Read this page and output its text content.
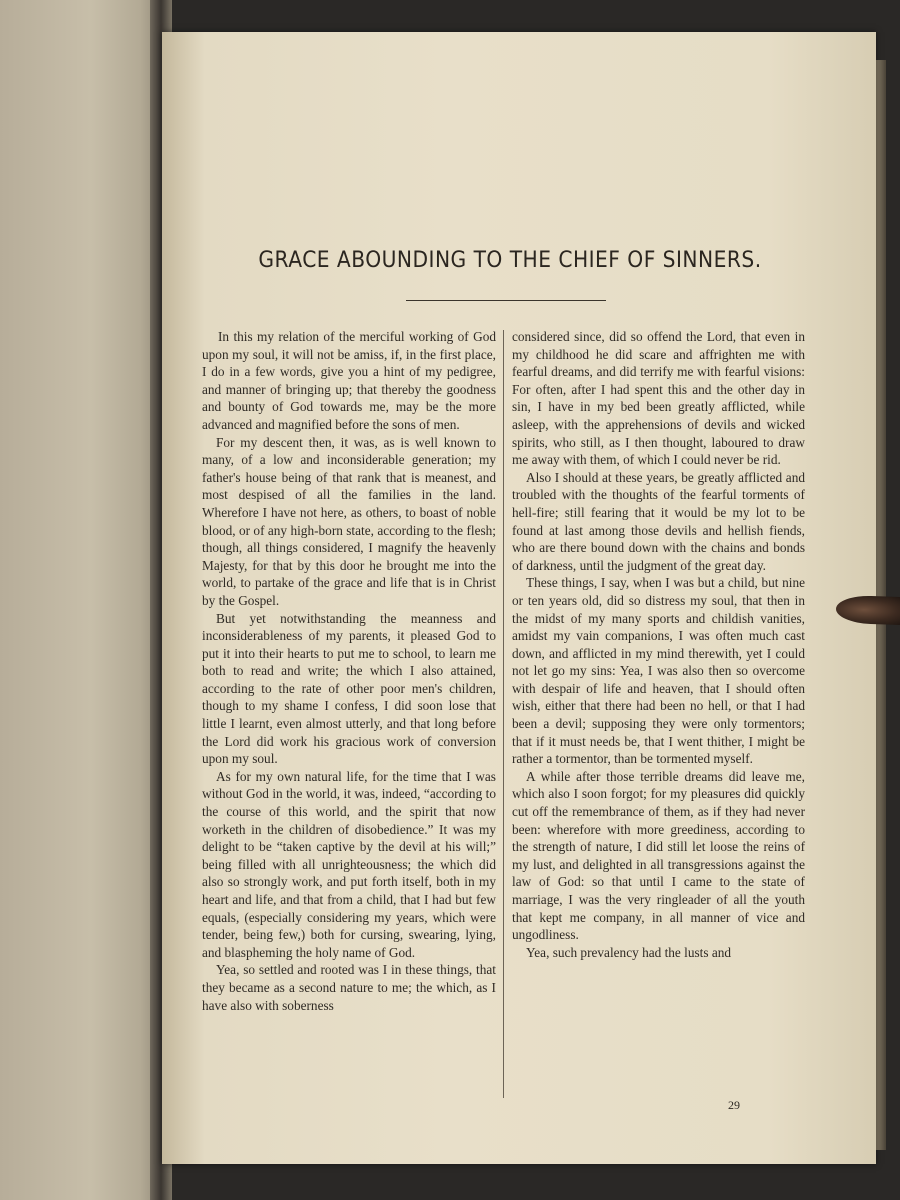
GRACE ABOUNDING TO THE CHIEF OF SINNERS.

In this my relation of the merciful working of God upon my soul, it will not be amiss, if, in the first place, I do in a few words, give you a hint of my pedigree, and manner of bringing up; that thereby the goodness and bounty of God towards me, may be the more advanced and magnified before the sons of men.

For my descent then, it was, as is well known to many, of a low and inconsiderable generation; my father's house being of that rank that is meanest, and most despised of all the families in the land. Wherefore I have not here, as others, to boast of noble blood, or of any high-born state, according to the flesh; though, all things considered, I magnify the heavenly Majesty, for that by this door he brought me into the world, to partake of the grace and life that is in Christ by the Gospel.

But yet notwithstanding the meanness and inconsiderableness of my parents, it pleased God to put it into their hearts to put me to school, to learn me both to read and write; the which I also attained, according to the rate of other poor men's children, though to my shame I confess, I did soon lose that little I learnt, even almost utterly, and that long before the Lord did work his gracious work of conversion upon my soul.

As for my own natural life, for the time that I was without God in the world, it was, indeed, “according to the course of this world, and the spirit that now worketh in the children of disobedience.” It was my delight to be “taken captive by the devil at his will;” being filled with all unrighteousness; the which did also so strongly work, and put forth itself, both in my heart and life, and that from a child, that I had but few equals, (especially considering my years, which were tender, being few,) both for cursing, swearing, lying, and blaspheming the holy name of God.

Yea, so settled and rooted was I in these things, that they became as a second nature to me; the which, as I have also with soberness

considered since, did so offend the Lord, that even in my childhood he did scare and affrighten me with fearful dreams, and did terrify me with fearful visions: For often, after I had spent this and the other day in sin, I have in my bed been greatly afflicted, while asleep, with the apprehensions of devils and wicked spirits, who still, as I then thought, laboured to draw me away with them, of which I could never be rid.

Also I should at these years, be greatly afflicted and troubled with the thoughts of the fearful torments of hell-fire; still fearing that it would be my lot to be found at last among those devils and hellish fiends, who are there bound down with the chains and bonds of darkness, until the judgment of the great day.

These things, I say, when I was but a child, but nine or ten years old, did so distress my soul, that then in the midst of my many sports and childish vanities, amidst my vain companions, I was often much cast down, and afflicted in my mind therewith, yet I could not let go my sins: Yea, I was also then so overcome with despair of life and heaven, that I should often wish, either that there had been no hell, or that I had been a devil; supposing they were only tormentors; that if it must needs be, that I went thither, I might be rather a tormentor, than be tormented myself.

A while after those terrible dreams did leave me, which also I soon forgot; for my pleasures did quickly cut off the remembrance of them, as if they had never been: wherefore with more greediness, according to the strength of nature, I did still let loose the reins of my lust, and delighted in all transgressions against the law of God: so that until I came to the state of marriage, I was the very ringleader of all the youth that kept me company, in all manner of vice and ungodliness.

Yea, such prevalency had the lusts and

29
